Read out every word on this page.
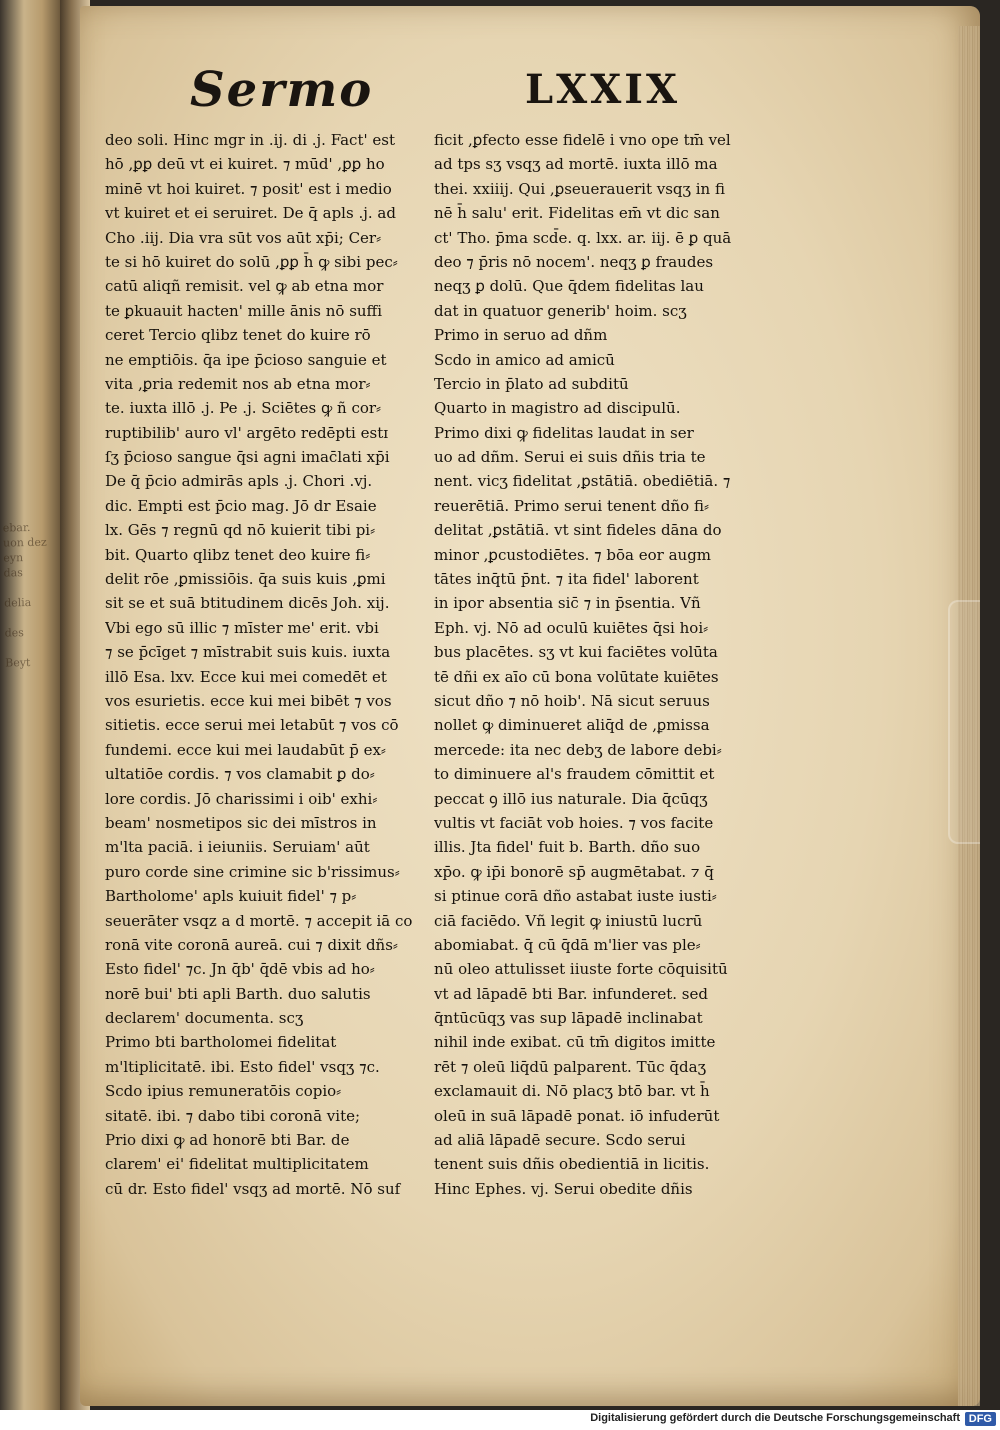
ebar.
uon dez
eyn
das

delia

des

Beyt
Sermo	LXXIX
deo soli. Hinc mgr in .ij. di .j. Fact' est
hō ,ꝑꝑ deū vt ei kuiret. ⁊ mūd' ,ꝑꝑ ho
minē vt hoi kuiret. ⁊ posit' est i medio
vt kuiret et ei seruiret. De q̄ apls .j. ad
Cho .iij. Dia vra sūt vos aūt xp̄i; Cer⸗
te si hō kuiret do solū ,ꝑꝑ h̄ ꝙ sibi pec⸗
catū aliqñ remisit. vel ꝙ ab etna mor
te ꝑkuauit hacten' mille ānis nō suffi
ceret Tercio qlibz tenet do kuire rō
ne emptiōis. q̄a ipe p̄cioso sanguie et
vita ,ꝑria redemit nos ab etna mor⸗
te. iuxta illō .j. Pe .j. Sciētes ꝙ ñ cor⸗
ruptibilib' auro vl' argēto redēpti estɪ
ſʒ p̄cioso sangue q̄si agni imac̄lati xp̄i
De q̄ p̄cio admirās apls .j. Chori .vj.
dic. Empti est p̄cio mag. Jō dr Esaie
lx. Gēs ⁊ regnū qd nō kuierit tibi pi⸗
bit. Quarto qlibz tenet deo kuire fi⸗
delit rōe ,ꝑmissiōis. q̄a suis kuis ,ꝑmi
sit se et suā btitudinem dicēs Joh. xij.
Vbi ego sū illic ⁊ mīster me' erit. vbi
⁊ se p̄cīget ⁊ mīstrabit suis kuis. iuxta
illō Esa. lxv. Ecce kui mei comedēt et
vos esurietis. ecce kui mei bibēt ⁊ vos
sitietis. ecce serui mei letabūt ⁊ vos cō
fundemi. ecce kui mei laudabūt p̄ ex⸗
ultatiōe cordis. ⁊ vos clamabit ꝑ do⸗
lore cordis. Jō charissimi i oib' exhi⸗
beam' nosmetipos sic dei mīstros in
m'lta paciā. i ieiuniis. Seruiam' aūt
puro corde sine crimine sic b'rissimus⸗
Bartholome' apls kuiuit fidel' ⁊ p⸗
seuerāter vsqz a d mortē. ⁊ accepit iā co
ronā vite coronā aureā. cui ⁊ dixit dñs⸗
Esto fidel' ⁊c. Jn q̄b' q̄dē vbis ad ho⸗
norē bui' bti apli Barth. duo salutis
declarem' documenta. scʒ
Primo bti bartholomei fidelitat
m'ltiplicitatē. ibi. Esto fidel' vsqʒ ⁊c.
Scdo ipius remuneratōis copio⸗
sitatē. ibi. ⁊ dabo tibi coronā vite;
Prio dixi ꝙ ad honorē bti Bar. de
clarem' ei' fidelitat multiplicitatem
cū dr. Esto fidel' vsqʒ ad mortē. Nō suf
ficit ,ꝑfecto esse fidelē i vno ope tm̄ vel
ad tps sʒ vsqʒ ad mortē. iuxta illō ma
thei. xxiiij. Qui ,ꝑseuerauerit vsqʒ in fi
nē h̄ salu' erit. Fidelitas em̄ vt dic san
ct' Tho. p̄ma scd̄e. q. lxx. ar. iij. ē ꝑ quā
deo ⁊ p̄ris nō nocem'. neqʒ ꝑ fraudes
neqʒ ꝑ dolū. Que q̄dem fidelitas lau
dat in quatuor generib' hoim. scʒ
Primo in seruo ad dñm
Scdo in amico ad amicū
Tercio in p̄lato ad subditū
Quarto in magistro ad discipulū.
Primo dixi ꝙ fidelitas laudat in ser
uo ad dñm. Serui ei suis dñis tria te
nent. vicʒ fidelitat ,ꝑstātiā. obediētiā. ⁊
reuerētiā. Primo serui tenent dño fi⸗
delitat ,ꝑstātiā. vt sint fideles dāna do
minor ,ꝑcustodiētes. ⁊ bōa eor augm
tātes inq̄tū p̄nt. ⁊ ita fidel' laborent
in ipor absentia sic̄ ⁊ in p̄sentia. Vñ
Eph. vj. Nō ad oculū kuiētes q̄si hoi⸗
bus placētes. sʒ vt kui faciētes volūta
tē dñi ex aīo cū bona volūtate kuiētes
sicut dño ⁊ nō hoib'. Nā sicut seruus
nollet ꝙ diminueret aliq̄d de ,ꝑmissa
mercede: ita nec debʒ de labore debi⸗
to diminuere al's fraudem cōmittit et
peccat ꝯ illō ius naturale. Dia q̄cūqʒ
vultis vt faciāt vob hoies. ⁊ vos facite
illis. Jta fidel' fuit b. Barth. dño suo
xp̄o. ꝙ ip̄i bonorē sp̄ augmētabat. ⁊ q̄
si ptinue corā dño astabat iuste iusti⸗
ciā faciēdo. Vñ legit ꝙ iniustū lucrū
abomiabat. q̄ cū q̄dā m'lier vas ple⸗
nū oleo attulisset iiuste forte cōquisitū
vt ad lāpadē bti Bar. infunderet. sed
q̄ntūcūqʒ vas sup lāpadē inclinabat
nihil inde exibat. cū tm̄ digitos imitte
rēt ⁊ oleū liq̄dū palparent. Tūc q̄daʒ
exclamauit di. Nō placʒ btō bar. vt h̄
oleū in suā lāpadē ponat. iō infuderūt
ad aliā lāpadē secure. Scdo serui
tenent suis dñis obedientiā in licitis.
Hinc Ephes. vj. Serui obedite dñis
Digitalisierung gefördert durch die Deutsche Forschungsgemeinschaft DFG
